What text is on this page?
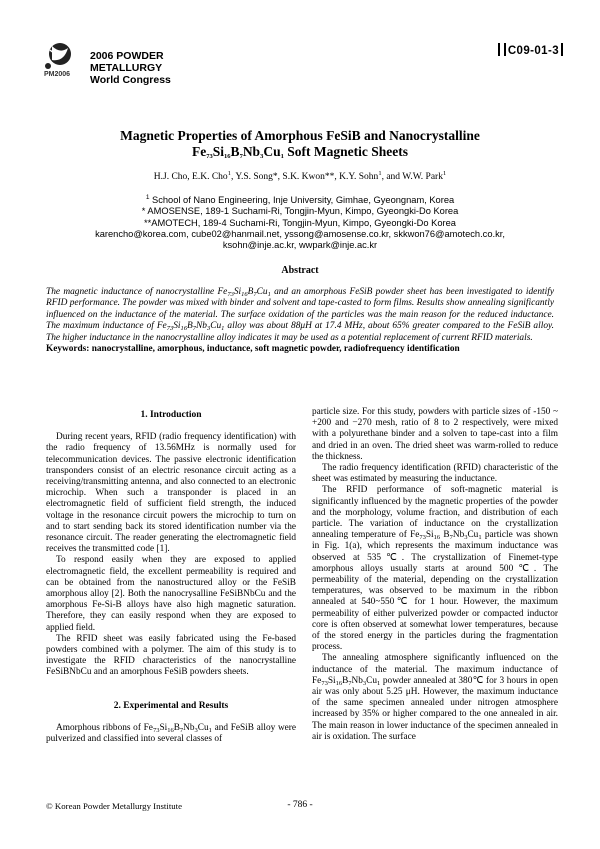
PM2006
2006 POWDER METALLURGY
World Congress
C09-01-3
Magnetic Properties of Amorphous FeSiB and Nanocrystalline
$Fe_{73}Si_{16}B_7Nb_3Cu_1$ Soft Magnetic Sheets
H.J. Cho, E.K. Cho$^1$, Y.S. Song*, S.K. Kwon**, K.Y. Sohn$^1$, and W.W. Park$^1$
$^1$ School of Nano Engineering, Inje University, Gimhae, Gyeongnam, Korea
* AMOSENSE, 189-1 Suchami-Ri, Tongjin-Myun, Kimpo, Gyeongki-Do Korea
**AMOTECH, 189-4 Suchami-Ri, Tongjin-Myun, Kimpo, Gyeongki-Do Korea
karencho@korea.com, cube02@hanmail.net, yssong@amosense.co.kr, skkwon76@amotech.co.kr,
ksohn@inje.ac.kr, wwpark@inje.ac.kr
Abstract
The magnetic inductance of nanocrystalline $Fe_{73}Si_{16}B_7Cu_1$ and an amorphous FeSiB powder sheet has been investigated to identify RFID performance. The powder was mixed with binder and solvent and tape-casted to form films. Results show annealing significantly influenced on the inductance of the material. The surface oxidation of the particles was the main reason for the reduced inductance. The maximum inductance of $Fe_{73}Si_{16}B_7Nb_3Cu_1$ alloy was about 88μH at 17.4 MHz, about 65% greater compared to the FeSiB alloy. The higher inductance in the nanocrystalline alloy indicates it may be used as a potential replacement of current RFID materials.
Keywords: nanocrystalline, amorphous, inductance, soft magnetic powder, radiofrequency identification
1. Introduction

During recent years, RFID (radio frequency identification) with the radio frequency of 13.56MHz is normally used for telecommunication devices. The passive electronic identification transponders consist of an electric resonance circuit acting as a receiving/transmitting antenna, and also connected to an electronic microchip. When such a transponder is placed in an electromagnetic field of sufficient field strength, the induced voltage in the resonance circuit powers the microchip to turn on and to start sending back its stored identification number via the resonance circuit. The reader generating the electromagnetic field receives the transmitted code [1].

To respond easily when they are exposed to applied electromagnetic field, the excellent permeability is required and can be obtained from the nanostructured alloy or the FeSiB amorphous alloy [2]. Both the nanocrysalline FeSiBNbCu and the amorphous Fe-Si-B alloys have also high magnetic saturation. Therefore, they can easily respond when they are exposed to applied field.

The RFID sheet was easily fabricated using the Fe-based powders combined with a polymer. The aim of this study is to investigate the RFID characteristics of the nanocrystalline FeSiBNbCu and an amorphous FeSiB powders sheets.

2. Experimental and Results

Amorphous ribbons of $Fe_{73}Si_{16}B_7Nb_3Cu_1$ and FeSiB alloy were pulverized and classified into several classes of

particle size. For this study, powders with particle sizes of -150 ~ +200 and −270 mesh, ratio of 8 to 2 respectively, were mixed with a polyurethane binder and a solven to tape-cast into a film and dried in an oven. The dried sheet was warm-rolled to reduce the thickness.

The radio frequency identification (RFID) characteristic of the sheet was estimated by measuring the inductance.

The RFID performance of soft-magnetic material is significantly influenced by the magnetic properties of the powder and the morphology, volume fraction, and distribution of each particle. The variation of inductance on the crystallization annealing temperature of $Fe_{73}Si_{16}$ $B_7Nb_3Cu_1$ particle was shown in Fig. 1(a), which represents the maximum inductance was observed at 535℃. The crystallization of Finemet-type amorphous alloys usually starts at around 500℃. The permeability of the material, depending on the crystallization temperatures, was observed to be maximum in the ribbon annealed at 540~550℃ for 1 hour. However, the maximum permeability of either pulverized powder or compacted inductor core is often observed at somewhat lower temperatures, because of the stored energy in the particles during the fragmentation process.

The annealing atmosphere significantly influenced on the inductance of the material. The maximum inductance of $Fe_{73}Si_{16}B_7Nb_3Cu_1$ powder annealed at 380℃ for 3 hours in open air was only about 5.25 μH. However, the maximum inductance of the same specimen annealed under nitrogen atmosphere increased by 35% or higher compared to the one annealed in air. The main reason in lower inductance of the specimen annealed in air is oxidation. The surface

© Korean Powder Metallurgy Institute	- 786 -
